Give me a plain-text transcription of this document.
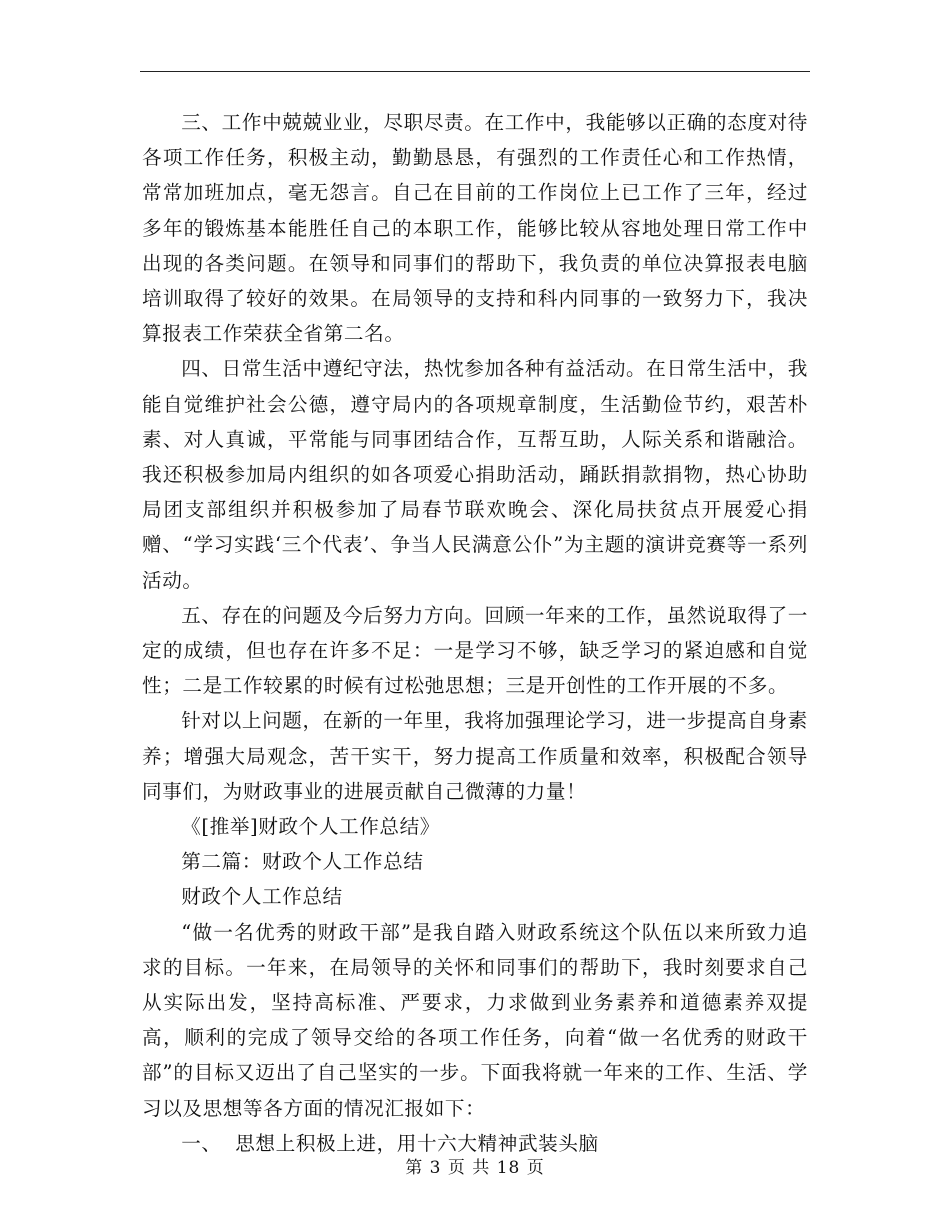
三、工作中兢兢业业，尽职尽责。在工作中，我能够以正确的态度对待各项工作任务，积极主动，勤勤恳恳，有强烈的工作责任心和工作热情，常常加班加点，毫无怨言。自己在目前的工作岗位上已工作了三年，经过多年的锻炼基本能胜任自己的本职工作，能够比较从容地处理日常工作中出现的各类问题。在领导和同事们的帮助下，我负责的单位决算报表电脑培训取得了较好的效果。在局领导的支持和科内同事的一致努力下，我决算报表工作荣获全省第二名。

四、日常生活中遵纪守法，热忱参加各种有益活动。在日常生活中，我能自觉维护社会公德，遵守局内的各项规章制度，生活勤俭节约，艰苦朴素、对人真诚，平常能与同事团结合作，互帮互助，人际关系和谐融洽。我还积极参加局内组织的如各项爱心捐助活动，踊跃捐款捐物，热心协助局团支部组织并积极参加了局春节联欢晚会、深化局扶贫点开展爱心捐赠、“学习实践‘三个代表’、争当人民满意公仆”为主题的演讲竞赛等一系列活动。

五、存在的问题及今后努力方向。回顾一年来的工作，虽然说取得了一定的成绩，但也存在许多不足：一是学习不够，缺乏学习的紧迫感和自觉性；二是工作较累的时候有过松弛思想；三是开创性的工作开展的不多。

针对以上问题，在新的一年里，我将加强理论学习，进一步提高自身素养；增强大局观念，苦干实干，努力提高工作质量和效率，积极配合领导同事们，为财政事业的进展贡献自己微薄的力量！

《[推举]财政个人工作总结》

第二篇：财政个人工作总结

财政个人工作总结

“做一名优秀的财政干部”是我自踏入财政系统这个队伍以来所致力追求的目标。一年来，在局领导的关怀和同事们的帮助下，我时刻要求自己从实际出发，坚持高标准、严要求，力求做到业务素养和道德素养双提高，顺利的完成了领导交给的各项工作任务，向着“做一名优秀的财政干部”的目标又迈出了自己坚实的一步。下面我将就一年来的工作、生活、学习以及思想等各方面的情况汇报如下：

一、  思想上积极上进，用十六大精神武装头脑

第 3 页 共 18 页
